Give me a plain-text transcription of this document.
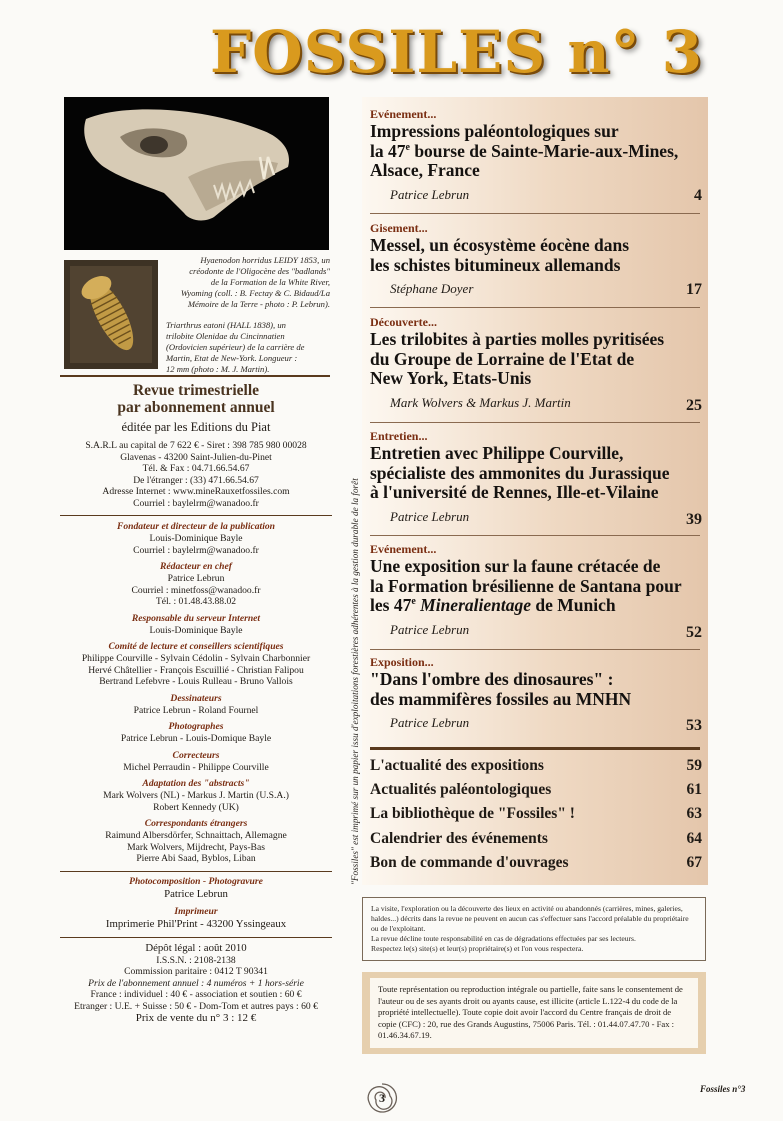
FOSSILES n° 3
Hyaenodon horridus LEIDY 1853, un
créodonte de l'Oligocène des "badlands"
de la Formation de la White River,
Wyoming (coll. : B. Fectay & C. Bidaud/La
Mémoire de la Terre - photo : P. Lebrun).
Triarthrus eatoni (HALL 1838), un
trilobite Olenidae du Cincinnatien
(Ordovicien supérieur) de la carrière de
Martin, Etat de New-York. Longueur :
12 mm (photo : M. J. Martin).
Revue trimestrielle
par abonnement annuel
éditée par les Editions du Piat
S.A.R.L au capital de 7 622 € - Siret : 398 785 980 00028
Glavenas - 43200 Saint-Julien-du-Pinet
Tél. & Fax : 04.71.66.54.67
De l'étranger : (33) 471.66.54.67
Adresse Internet : www.mineRauxetfossiles.com
Courriel : baylelrm@wanadoo.fr
Fondateur et directeur de la publication
Louis-Dominique Bayle
Courriel : baylelrm@wanadoo.fr
Rédacteur en chef
Patrice Lebrun
Courriel : minetfoss@wanadoo.fr
Tél. : 01.48.43.88.02
Responsable du serveur Internet
Louis-Dominique Bayle
Comité de lecture et conseillers scientifiques
Philippe Courville - Sylvain Cédolin - Sylvain Charbonnier
Hervé Châtellier - François Escuillié - Christian Falipou
Bertrand Lefebvre - Louis Rulleau - Bruno Vallois
Dessinateurs
Patrice Lebrun - Roland Fournel
Photographes
Patrice Lebrun - Louis-Domique Bayle
Correcteurs
Michel Perraudin - Philippe Courville
Adaptation des "abstracts"
Mark Wolvers (NL) - Markus J. Martin (U.S.A.)
Robert Kennedy (UK)
Correspondants étrangers
Raimund Albersdörfer, Schnaittach, Allemagne
Mark Wolvers, Mijdrecht, Pays-Bas
Pierre Abi Saad, Byblos, Liban
Photocomposition - Photogravure
Patrice Lebrun
Imprimeur
Imprimerie Phil'Print - 43200 Yssingeaux
Dépôt légal : août 2010
I.S.S.N. : 2108-2138
Commission paritaire : 0412 T 90341
Prix de l'abonnement annuel : 4 numéros + 1 hors-série
France : individuel : 40 € - association et soutien : 60 €
Etranger : U.E. + Suisse : 50 € - Dom-Tom et autres pays : 60 €
Prix de vente du n° 3 : 12 €
"Fossiles" est imprimé sur un papier issu d'exploitations forestières adhérentes à la gestion durable de la forêt
Evénement...
Impressions paléontologiques sur
la 47e bourse de Sainte-Marie-aux-Mines,
Alsace, France
Patrice Lebrun	4
Gisement...
Messel, un écosystème éocène dans
les schistes bitumineux allemands
Stéphane Doyer	17
Découverte...
Les trilobites à parties molles pyritisées
du Groupe de Lorraine de l'Etat de
New York, Etats-Unis
Mark Wolvers & Markus J. Martin	25
Entretien...
Entretien avec Philippe Courville,
spécialiste des ammonites du Jurassique
à l'université de Rennes, Ille-et-Vilaine
Patrice Lebrun	39
Evénement...
Une exposition sur la faune crétacée de
la Formation brésilienne de Santana pour
les 47e Mineralientage de Munich
Patrice Lebrun	52
Exposition...
"Dans l'ombre des dinosaures" :
des mammifères fossiles au MNHN
Patrice Lebrun	53
L'actualité des expositions	59
Actualités paléontologiques	61
La bibliothèque de "Fossiles" !	63
Calendrier des événements	64
Bon de commande d'ouvrages	67
La visite, l'exploration ou la découverte des lieux en activité ou abandonnés (carrières, mines, galeries, haldes...) décrits dans la revue ne peuvent en aucun cas s'effectuer sans l'accord préalable du propriétaire ou de l'exploitant.
La revue décline toute responsabilité en cas de dégradations effectuées par ses lecteurs.
Respectez le(s) site(s) et leur(s) propriétaire(s) et l'on vous respectera.
Toute représentation ou reproduction intégrale ou partielle, faite sans le consentement de l'auteur ou de ses ayants droit ou ayants cause, est illicite (article L.122-4 du code de la propriété intellectuelle). Toute copie doit avoir l'accord du Centre français de droit de copie (CFC) : 20, rue des Grands Augustins, 75006 Paris. Tél. : 01.44.07.47.70 - Fax : 01.46.34.67.19.
3
Fossiles n°3
